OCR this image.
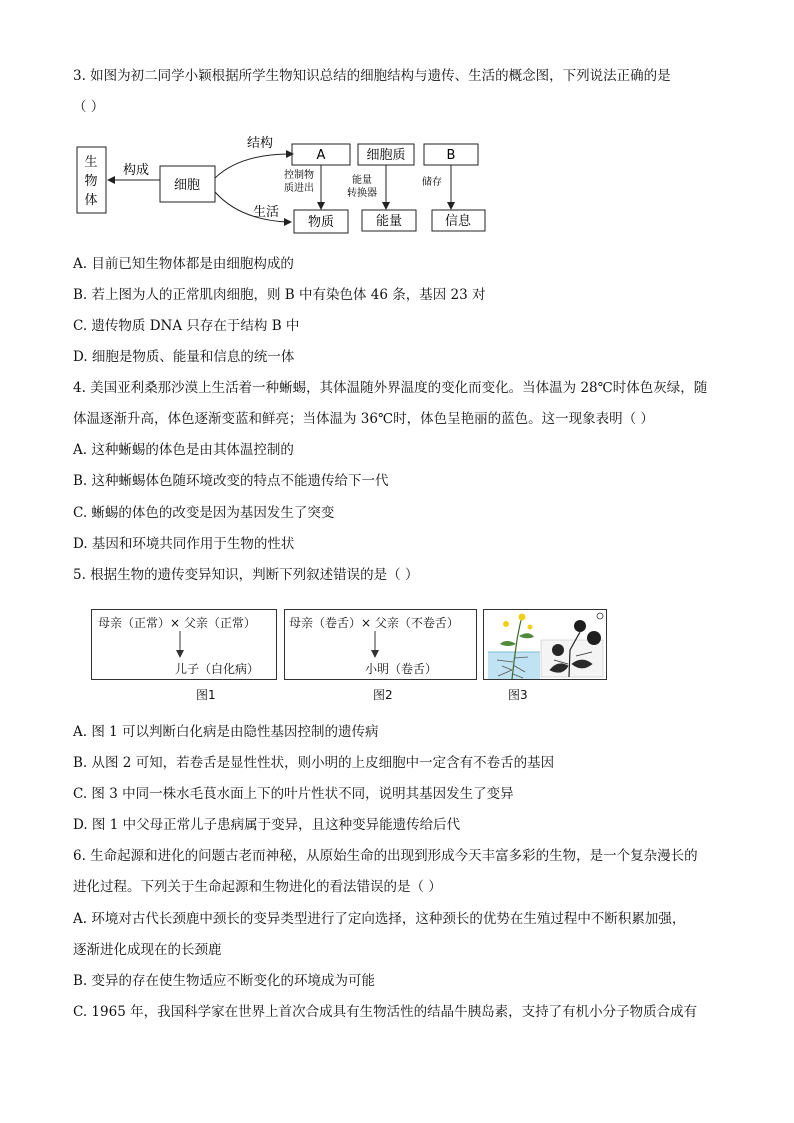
3. 如图为初二同学小颖根据所学生物知识总结的细胞结构与遗传、生活的概念图，下列说法正确的是
（ ）
生
物
体
细胞
构成
结构
生活
A	细胞质	B
控制物
质进出
能量
转换器
储存
物质	能量	信息
A. 目前已知生物体都是由细胞构成的
B. 若上图为人的正常肌肉细胞，则 B 中有染色体 46 条，基因 23 对
C. 遗传物质 DNA 只存在于结构 B 中
D. 细胞是物质、能量和信息的统一体
4. 美国亚利桑那沙漠上生活着一种蜥蜴，其体温随外界温度的变化而变化。当体温为 28℃时体色灰绿，随
体温逐渐升高，体色逐渐变蓝和鲜亮；当体温为 36℃时，体色呈艳丽的蓝色。这一现象表明（ ）
A. 这种蜥蜴的体色是由其体温控制的
B. 这种蜥蜴体色随环境改变的特点不能遗传给下一代
C. 蜥蜴的体色的改变是因为基因发生了突变
D. 基因和环境共同作用于生物的性状
5. 根据生物的遗传变异知识，判断下列叙述错误的是（ ）
母亲（正常）× 父亲（正常）
儿子（白化病）
图1
母亲（卷舌）× 父亲（不卷舌）
小明（卷舌）
图2	图3
A. 图 1 可以判断白化病是由隐性基因控制的遗传病
B. 从图 2 可知，若卷舌是显性性状，则小明的上皮细胞中一定含有不卷舌的基因
C. 图 3 中同一株水毛茛水面上下的叶片性状不同，说明其基因发生了变异
D. 图 1 中父母正常儿子患病属于变异，且这种变异能遗传给后代
6. 生命起源和进化的问题古老而神秘，从原始生命的出现到形成今天丰富多彩的生物，是一个复杂漫长的
进化过程。下列关于生命起源和生物进化的看法错误的是（ ）
A. 环境对古代长颈鹿中颈长的变异类型进行了定向选择，这种颈长的优势在生殖过程中不断积累加强，
逐渐进化成现在的长颈鹿
B. 变异的存在使生物适应不断变化的环境成为可能
C. 1965 年，我国科学家在世界上首次合成具有生物活性的结晶牛胰岛素，支持了有机小分子物质合成有
